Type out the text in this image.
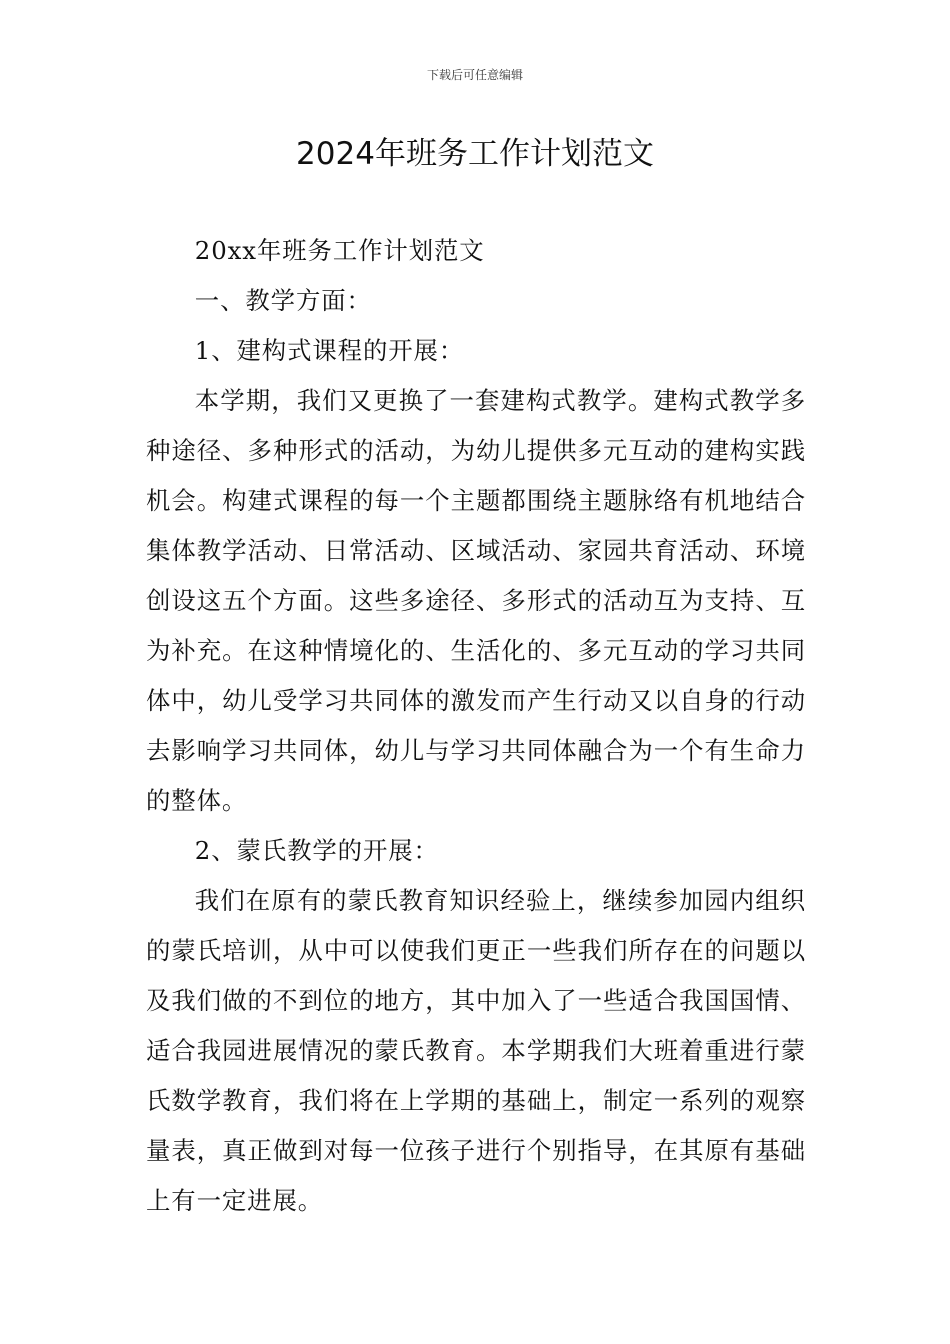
下载后可任意编辑
2024年班务工作计划范文

20xx年班务工作计划范文

一、教学方面：

1、建构式课程的开展：

本学期，我们又更换了一套建构式教学。建构式教学多种途径、多种形式的活动，为幼儿提供多元互动的建构实践机会。构建式课程的每一个主题都围绕主题脉络有机地结合集体教学活动、日常活动、区域活动、家园共育活动、环境创设这五个方面。这些多途径、多形式的活动互为支持、互为补充。在这种情境化的、生活化的、多元互动的学习共同体中，幼儿受学习共同体的激发而产生行动又以自身的行动去影响学习共同体，幼儿与学习共同体融合为一个有生命力的整体。

2、蒙氏教学的开展：

我们在原有的蒙氏教育知识经验上，继续参加园内组织的蒙氏培训，从中可以使我们更正一些我们所存在的问题以及我们做的不到位的地方，其中加入了一些适合我国国情、适合我园进展情况的蒙氏教育。本学期我们大班着重进行蒙氏数学教育，我们将在上学期的基础上，制定一系列的观察量表，真正做到对每一位孩子进行个别指导，在其原有基础上有一定进展。
